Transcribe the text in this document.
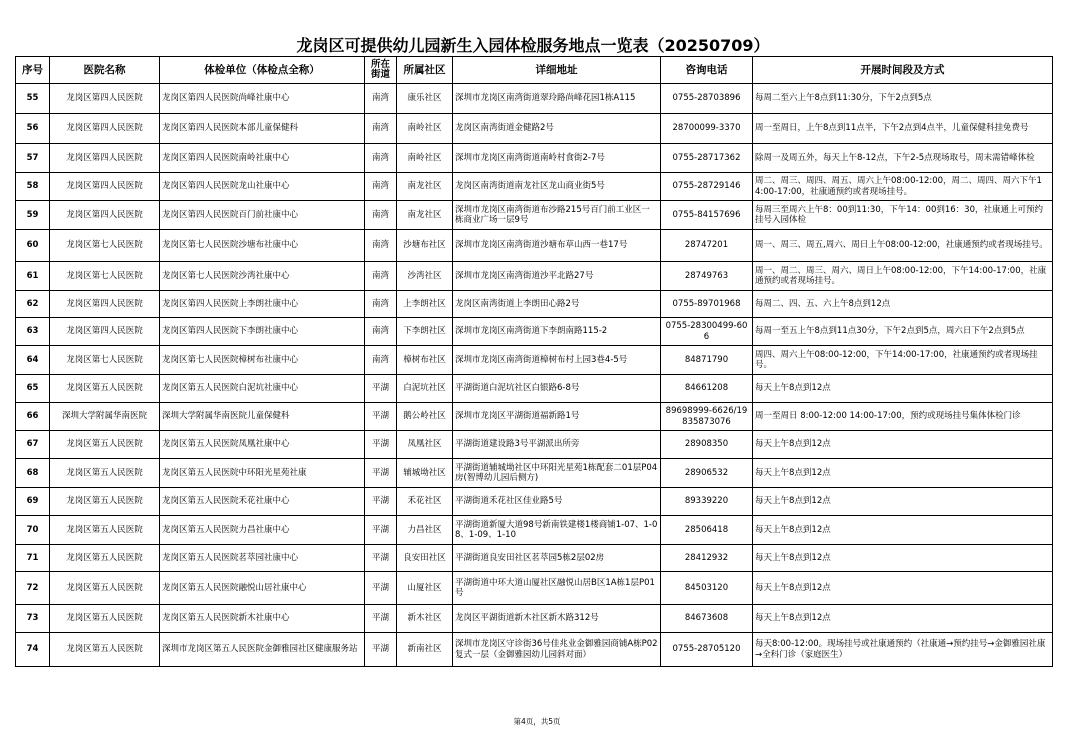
龙岗区可提供幼儿园新生入园体检服务地点一览表（20250709）
序号	医院名称	体检单位（体检点全称）	所在街道	所属社区	详细地址	咨询电话	开展时间段及方式
55	龙岗区第四人民医院	龙岗区第四人民医院尚峰社康中心	南湾	康乐社区	深圳市龙岗区南湾街道翠玲路尚峰花园1栋A115	0755-28703896	每周二至六上午8点到11:30分，下午2点到5点
56	龙岗区第四人民医院	龙岗区第四人民医院本部儿童保健科	南湾	南岭社区	龙岗区南湾街道金健路2号	28700099-3370	周一至周日，上午8点到11点半，下午2点到4点半，儿童保健科挂免费号
57	龙岗区第四人民医院	龙岗区第四人民医院南岭社康中心	南湾	南岭社区	深圳市龙岗区南湾街道南岭村食街2-7号	0755-28717362	除周一及周五外，每天上午8-12点，下午2-5点现场取号，周末需错峰体检
58	龙岗区第四人民医院	龙岗区第四人民医院龙山社康中心	南湾	南龙社区	龙岗区南湾街道南龙社区龙山商业街5号	0755-28729146	周二、周三、周四、周五、周六上午08:00-12:00，周二、周四、周六下午14:00-17:00，社康通预约或者现场挂号。
59	龙岗区第四人民医院	龙岗区第四人民医院百门前社康中心	南湾	南龙社区	深圳市龙岗区南湾街道布沙路215号百门前工业区一栋商业广场一层9号	0755-84157696	每周三至周六上午8：00到11:30，下午14：00到16：30，社康通上可预约挂号入园体检
60	龙岗区第七人民医院	龙岗区第七人民医院沙塘布社康中心	南湾	沙塘布社区	深圳市龙岗区南湾街道沙塘布草山西一巷17号	28747201	周一、周三、周五,周六、周日上午08:00-12:00，社康通预约或者现场挂号。
61	龙岗区第七人民医院	龙岗区第七人民医院沙湾社康中心	南湾	沙湾社区	深圳市龙岗区南湾街道沙平北路27号	28749763	周一、周二、周三、周六、周日上午08:00-12:00，下午14:00-17:00，社康通预约或者现场挂号。
62	龙岗区第四人民医院	龙岗区第四人民医院上李朗社康中心	南湾	上李朗社区	龙岗区南湾街道上李朗田心路2号	0755-89701968	每周二、四、五、六上午8点到12点
63	龙岗区第四人民医院	龙岗区第四人民医院下李朗社康中心	南湾	下李朗社区	深圳市龙岗区南湾街道下李朗南路115-2	0755-28300499-606	每周一至五上午8点到11点30分，下午2点到5点，周六日下午2点到5点
64	龙岗区第七人民医院	龙岗区第七人民医院樟树布社康中心	南湾	樟树布社区	深圳市龙岗区南湾街道樟树布村上园3巷4-5号	84871790	周四、周六上午08:00-12:00，下午14:00-17:00，社康通预约或者现场挂号。
65	龙岗区第五人民医院	龙岗区第五人民医院白泥坑社康中心	平湖	白泥坑社区	平湖街道白泥坑社区白银路6-8号	84661208	每天上午8点到12点
66	深圳大学附属华南医院	深圳大学附属华南医院儿童保健科	平湖	鹅公岭社区	深圳市龙岗区平湖街道福新路1号	89698999-6626/19835873076	周一至周日 8:00-12:00 14:00-17:00，预约或现场挂号集体体检门诊
67	龙岗区第五人民医院	龙岗区第五人民医院凤凰社康中心	平湖	凤凰社区	平湖街道建设路3号平湖派出所旁	28908350	每天上午8点到12点
68	龙岗区第五人民医院	龙岗区第五人民医院中环阳光星苑社康	平湖	辅城坳社区	平湖街道辅城坳社区中环阳光星苑1栋配套二01层P04房(智博幼儿园后侧方)	28906532	每天上午8点到12点
69	龙岗区第五人民医院	龙岗区第五人民医院禾花社康中心	平湖	禾花社区	平湖街道禾花社区佳业路5号	89339220	每天上午8点到12点
70	龙岗区第五人民医院	龙岗区第五人民医院力昌社康中心	平湖	力昌社区	平湖街道新厦大道98号新南铁建楼1楼商铺1-07、1-08、1-09、1-10	28506418	每天上午8点到12点
71	龙岗区第五人民医院	龙岗区第五人民医院茗萃园社康中心	平湖	良安田社区	平湖街道良安田社区茗萃园5栋2层02房	28412932	每天上午8点到12点
72	龙岗区第五人民医院	龙岗区第五人民医院融悦山居社康中心	平湖	山厦社区	平湖街道中环大道山厦社区融悦山居B区1A栋1层P01号	84503120	每天上午8点到12点
73	龙岗区第五人民医院	龙岗区第五人民医院新木社康中心	平湖	新木社区	龙岗区平湖街道新木社区新木路312号	84673608	每天上午8点到12点
74	龙岗区第五人民医院	深圳市龙岗区第五人民医院金御雅园社区健康服务站	平湖	新南社区	深圳市龙岗区守诊街36号佳兆业金御雅园商铺A栋P02复式一层（金御雅园幼儿园斜对面）	0755-28705120	每天8:00-12:00。现场挂号或社康通预约（社康通→预约挂号→金御雅园社康→全科门诊（家庭医生）
第4页，共5页
